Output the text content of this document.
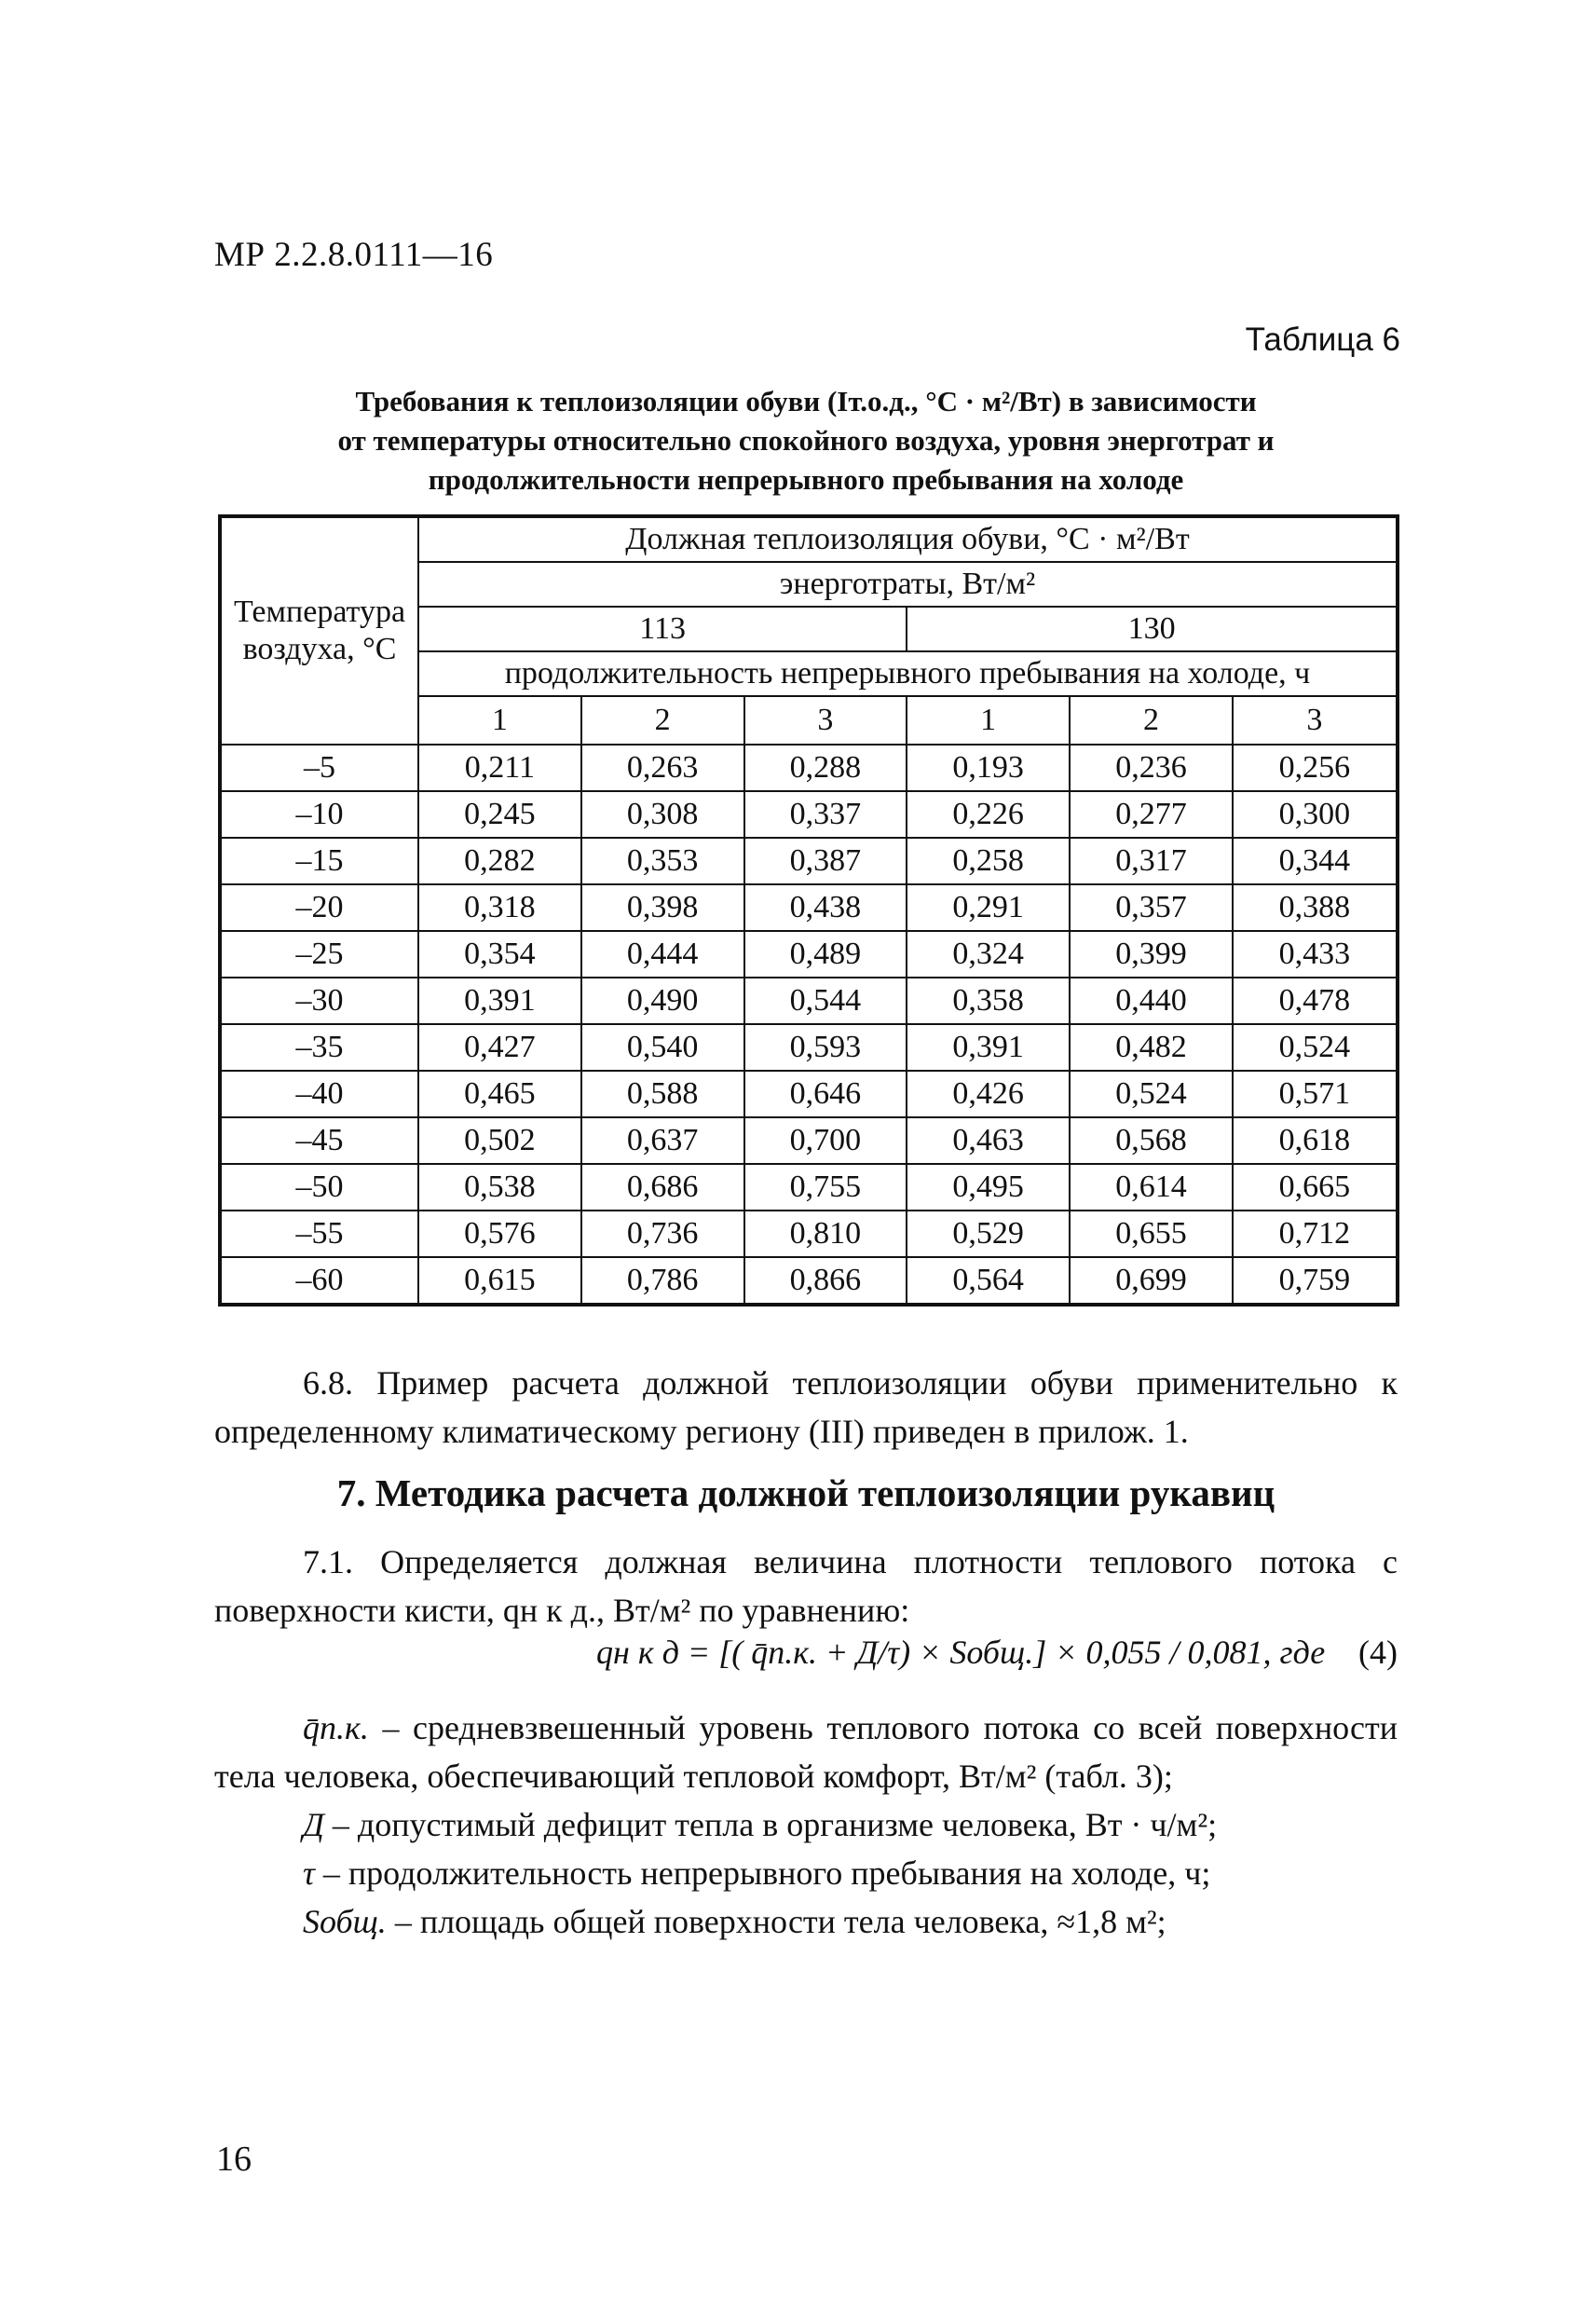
МР 2.2.8.0111—16
Таблица 6
Требования к теплоизоляции обуви (Iт.о.д., °С · м²/Вт) в зависимости
от температуры относительно спокойного воздуха, уровня энерготрат и
продолжительности непрерывного пребывания на холоде
Температура воздуха, °С	Должная теплоизоляция обуви, °С · м²/Вт					
	энерготраты, Вт/м²					
	113			130		
	продолжительность непрерывного пребывания на холоде, ч					
	1	2	3	1	2	3
–5	0,211	0,263	0,288	0,193	0,236	0,256
–10	0,245	0,308	0,337	0,226	0,277	0,300
–15	0,282	0,353	0,387	0,258	0,317	0,344
–20	0,318	0,398	0,438	0,291	0,357	0,388
–25	0,354	0,444	0,489	0,324	0,399	0,433
–30	0,391	0,490	0,544	0,358	0,440	0,478
–35	0,427	0,540	0,593	0,391	0,482	0,524
–40	0,465	0,588	0,646	0,426	0,524	0,571
–45	0,502	0,637	0,700	0,463	0,568	0,618
–50	0,538	0,686	0,755	0,495	0,614	0,665
–55	0,576	0,736	0,810	0,529	0,655	0,712
–60	0,615	0,786	0,866	0,564	0,699	0,759
6.8. Пример расчета должной теплоизоляции обуви применительно к определенному климатическому региону (III) приведен в прилож. 1.
7. Методика расчета должной теплоизоляции рукавиц
7.1. Определяется должная величина плотности теплового потока с поверхности кисти, qн к д., Вт/м² по уравнению:
qн к д = [( q̄п.к. + Д/τ) × Sобщ.] × 0,055 / 0,081, где (4)
q̄п.к. – средневзвешенный уровень теплового потока со всей поверхности тела человека, обеспечивающий тепловой комфорт, Вт/м² (табл. 3);
Д – допустимый дефицит тепла в организме человека, Вт · ч/м²;
τ – продолжительность непрерывного пребывания на холоде, ч;
Sобщ. – площадь общей поверхности тела человека, ≈1,8 м²;
16
